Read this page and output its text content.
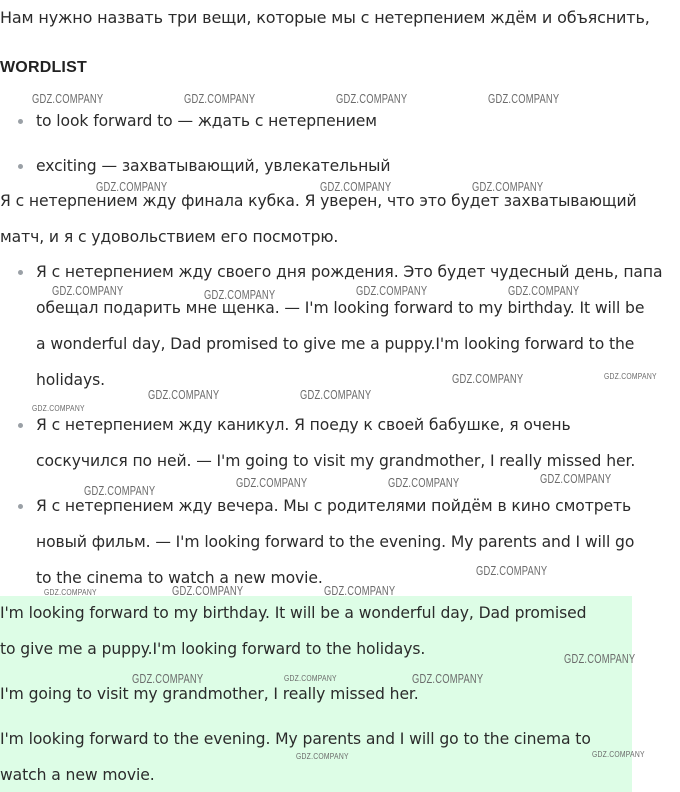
Нам нужно назвать три вещи, которые мы с нетерпением ждём и объяснить,
WORDLIST
to look forward to — ждать с нетерпением
exciting — захватывающий, увлекательный
Я с нетерпением жду финала кубка. Я уверен, что это будет захватывающий
матч, и я с удовольствием его посмотрю.
Я с нетерпением жду своего дня рождения. Это будет чудесный день, папа
обещал подарить мне щенка. — I'm looking forward to my birthday. It will be
a wonderful day, Dad promised to give me a puppy.I'm looking forward to the
holidays.
Я с нетерпением жду каникул. Я поеду к своей бабушке, я очень
соскучился по ней. — I'm going to visit my grandmother, I really missed her.
Я с нетерпением жду вечера. Мы с родителями пойдём в кино смотреть
новый фильм. — I'm looking forward to the evening. My parents and I will go
to the cinema to watch a new movie.
I'm looking forward to my birthday. It will be a wonderful day, Dad promised
to give me a puppy.I'm looking forward to the holidays.
I'm going to visit my grandmother, I really missed her.
I'm looking forward to the evening. My parents and I will go to the cinema to
watch a new movie.
GDZ.COMPANY	GDZ.COMPANY	GDZ.COMPANY	GDZ.COMPANY
GDZ.COMPANY	GDZ.COMPANY	GDZ.COMPANY
GDZ.COMPANY	GDZ.COMPANY	GDZ.COMPANY	GDZ.COMPANY
GDZ.COMPANY	GDZ.COMPANY
GDZ.COMPANY	GDZ.COMPANY
GDZ.COMPANY
GDZ.COMPANY
GDZ.COMPANY	GDZ.COMPANY	GDZ.COMPANY
GDZ.COMPANY
GDZ.COMPANY	GDZ.COMPANY	GDZ.COMPANY
GDZ.COMPANY
GDZ.COMPANY	GDZ.COMPANY	GDZ.COMPANY
GDZ.COMPANY
GDZ.COMPANY
